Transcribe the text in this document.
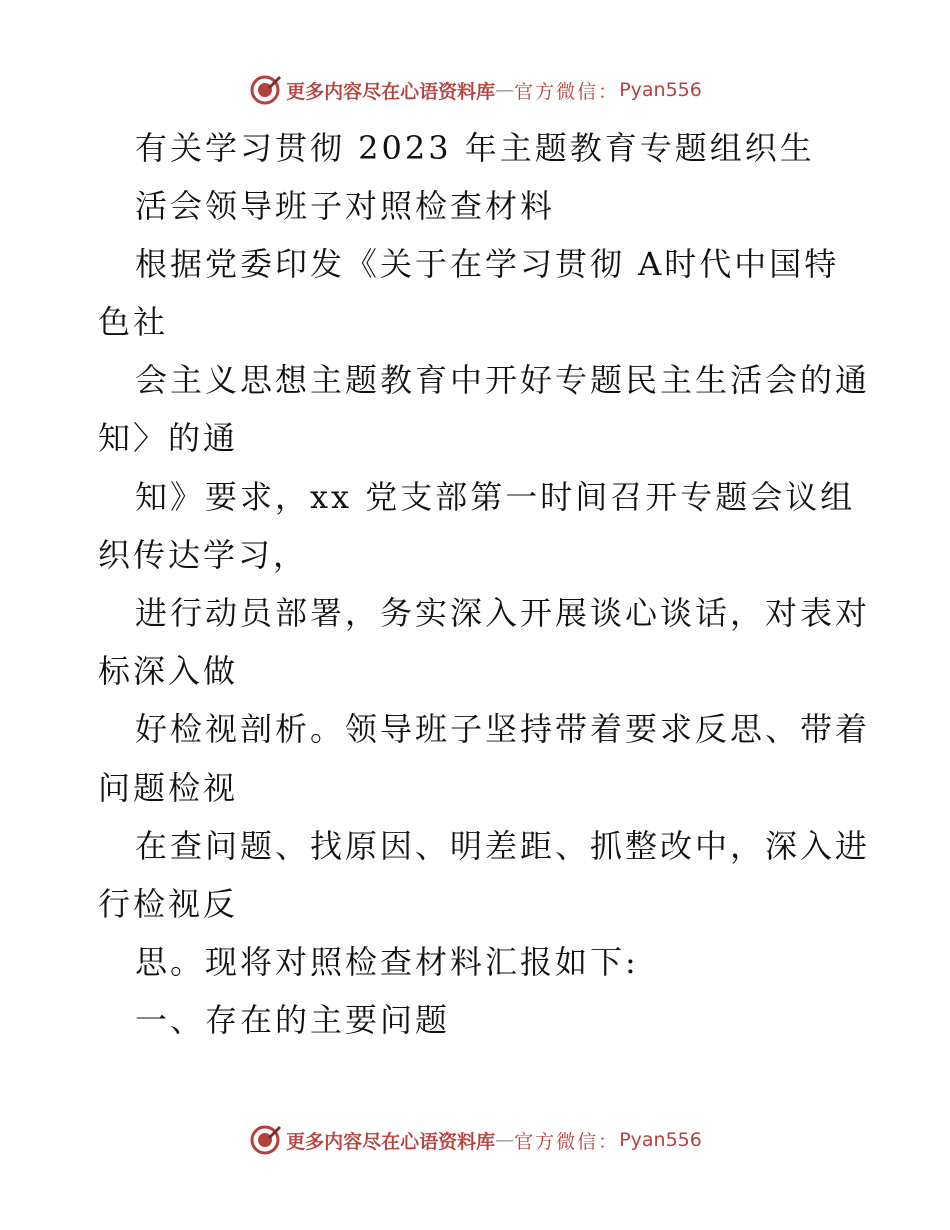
更多内容尽在心语资料库 — 官方微信： Pyan556
有关学习贯彻 2023 年主题教育专题组织生
活会领导班子对照检查材料
根据党委印发《关于在学习贯彻 A时代中国特
色社
会主义思想主题教育中开好专题民主生活会的通
知〉的通
知》要求，xx 党支部第一时间召开专题会议组
织传达学习，
进行动员部署，务实深入开展谈心谈话，对表对
标深入做
好检视剖析。领导班子坚持带着要求反思、带着
问题检视
在查问题、找原因、明差距、抓整改中，深入进
行检视反
思。现将对照检查材料汇报如下:
一、存在的主要问题
更多内容尽在心语资料库 — 官方微信： Pyan556
